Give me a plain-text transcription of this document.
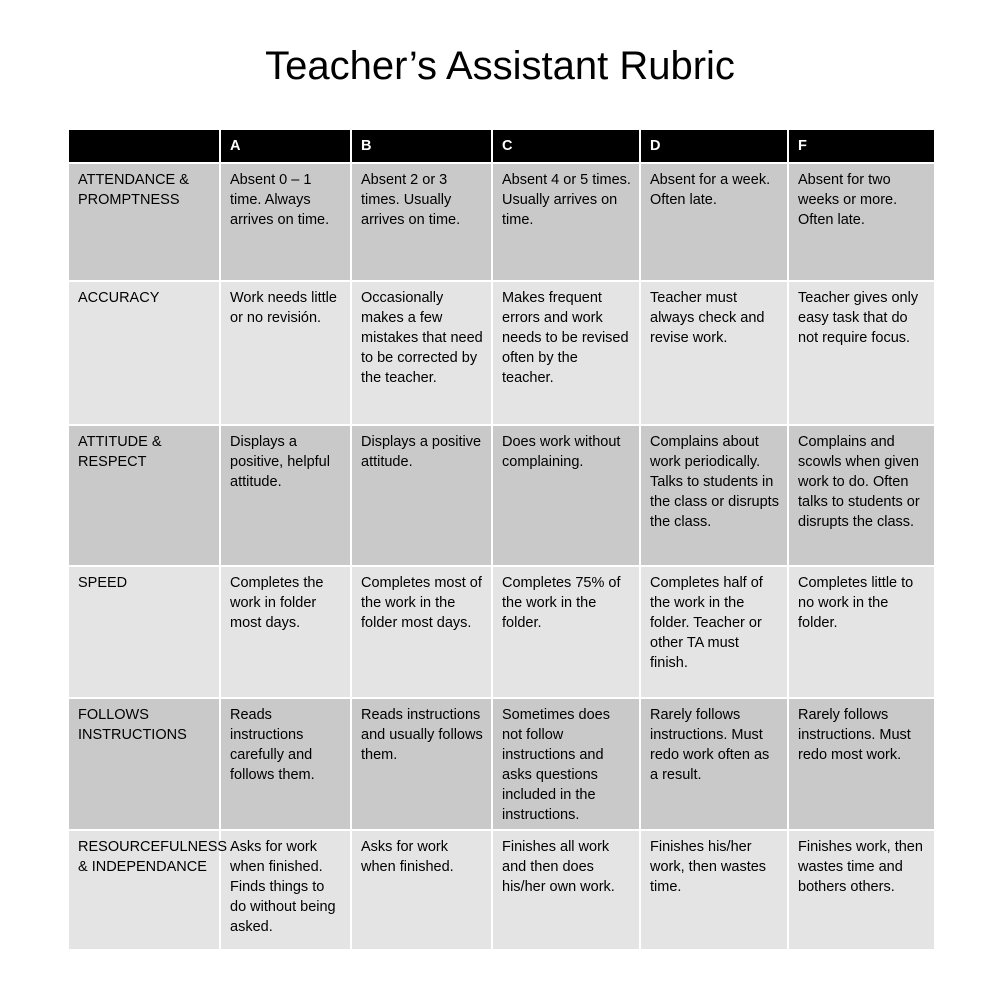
Teacher’s Assistant Rubric
	A	B	C	D	F
ATTENDANCE & PROMPTNESS	Absent 0 – 1 time. Always arrives on time.	Absent 2 or 3 times. Usually arrives on time.	Absent 4 or 5 times. Usually arrives on time.	Absent for a week. Often late.	Absent for two weeks or more. Often late.
ACCURACY	Work needs little or no revisión.	Occasionally makes a few mistakes that need to be corrected by the teacher.	Makes frequent errors and work needs to be revised often by the teacher.	Teacher must always check and revise work.	Teacher gives only easy task that do not require focus.
ATTITUDE & RESPECT	Displays a positive, helpful attitude.	Displays a positive attitude.	Does work without complaining.	Complains about work periodically. Talks to students in the class or disrupts the class.	Complains and scowls when given work to do. Often talks to students or disrupts the class.
SPEED	Completes the work in folder most days.	Completes most of the work in the folder most days.	Completes 75% of the work in the folder.	Completes half of the work in the folder. Teacher or other TA must finish.	Completes little to no work in the folder.
FOLLOWS INSTRUCTIONS	Reads instructions carefully and follows them.	Reads instructions and usually follows them.	Sometimes does not follow instructions and asks questions included in the instructions.	Rarely follows instructions. Must redo work often as a result.	Rarely follows instructions. Must redo most work.
RESOURCEFULNESS & INDEPENDANCE	Asks for work when finished. Finds things to do without being asked.	Asks for work when finished.	Finishes all work and then does his/her own work.	Finishes his/her work, then wastes time.	Finishes work, then wastes time and bothers others.
